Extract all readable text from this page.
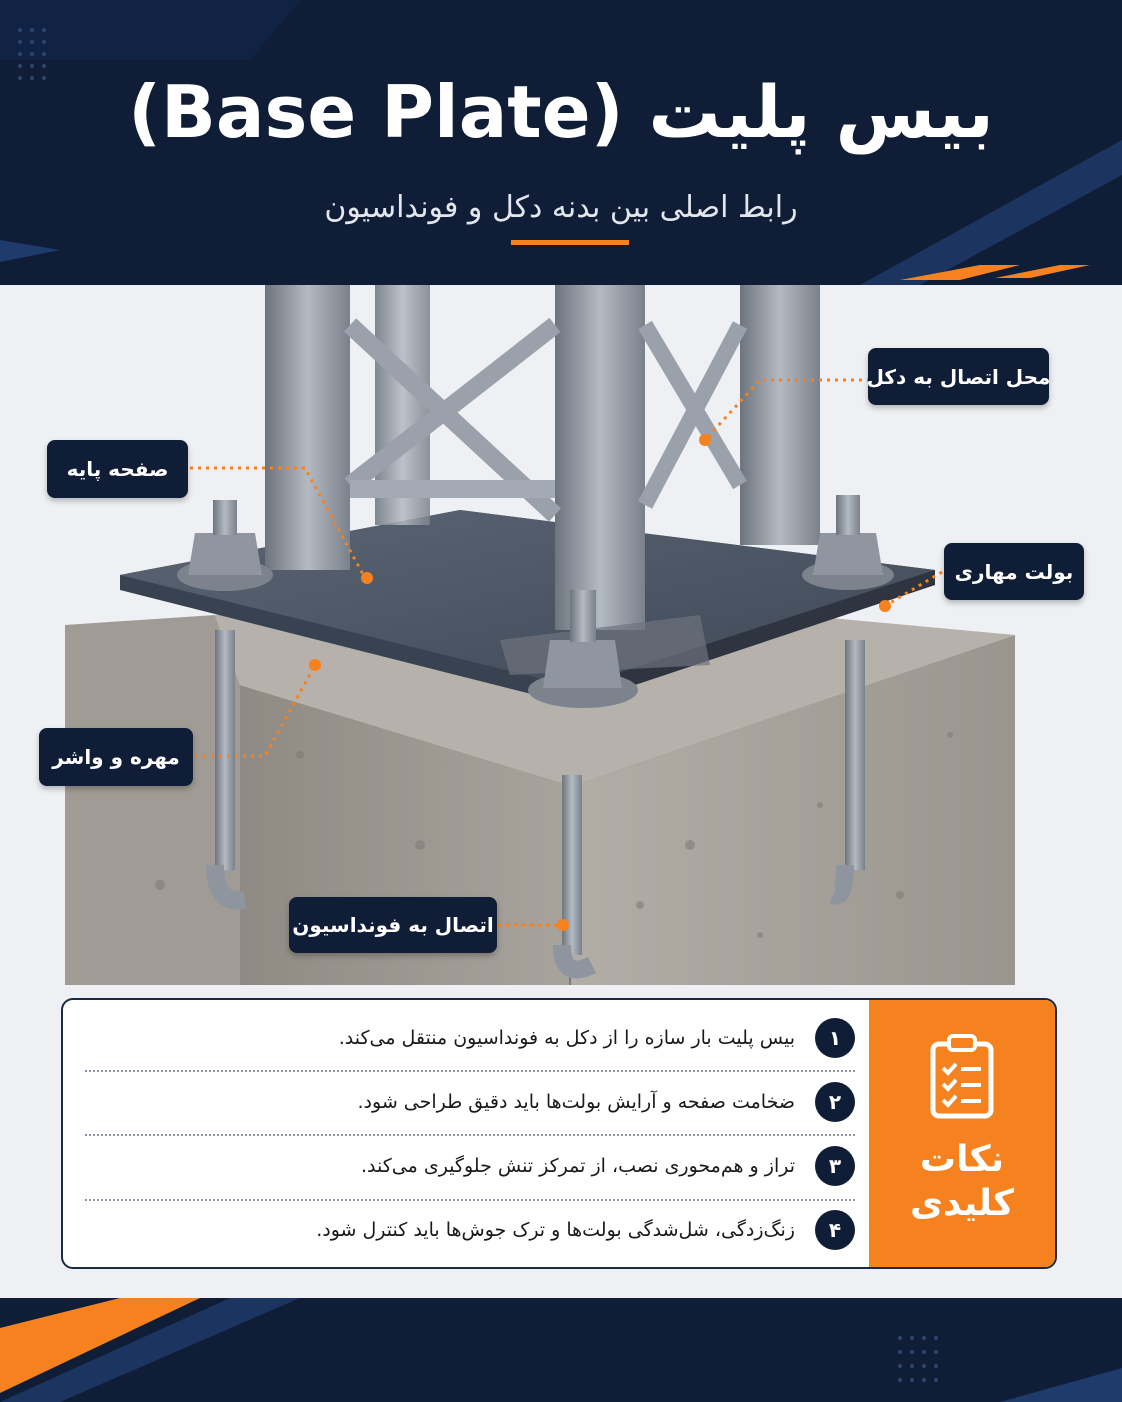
بیس پلیت (Base Plate)
رابط اصلی بین بدنه دکل و فونداسیون
محل اتصال به دکل
صفحه پایه
بولت مهاری
مهره و واشر
اتصال به فونداسیون
نکات
کلیدی
۱
بیس پلیت بار سازه را از دکل به فونداسیون منتقل می‌کند.
۲
ضخامت صفحه و آرایش بولت‌ها باید دقیق طراحی شود.
۳
تراز و هم‌محوری نصب، از تمرکز تنش جلوگیری می‌کند.
۴
زنگ‌زدگی، شل‌شدگی بولت‌ها و ترک جوش‌ها باید کنترل شود.
